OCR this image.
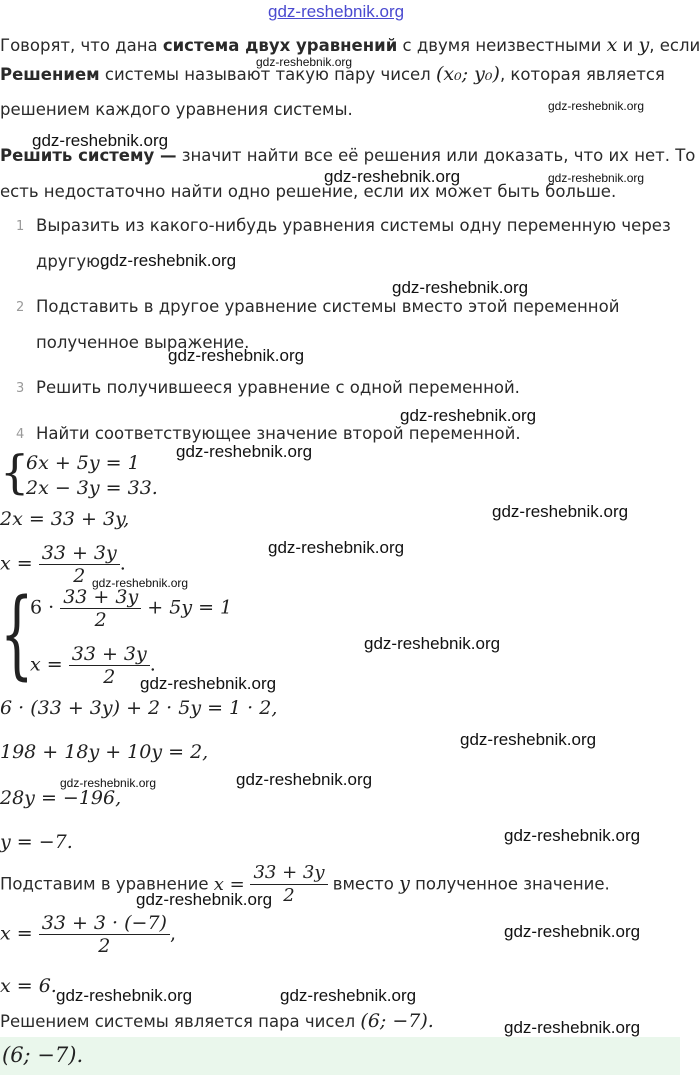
gdz-reshebnik.org
Говорят, что дана система двух уравнений с двумя неизвестными x и y, если
Решением системы называют такую пару чисел (x₀; y₀), которая является
решением каждого уравнения системы.
Решить систему — значит найти все её решения или доказать, что их нет. То
есть недостаточно найти одно решение, если их может быть больше.
1 Выразить из какого-нибудь уравнения системы одну переменную через
другую.
2 Подставить в другое уравнение системы вместо этой переменной
полученное выражение.
3 Решить получившееся уравнение с одной переменной.
4 Найти соответствующее значение второй переменной.
{
6x + 5y = 1
2x − 3y = 33.
2x = 33 + 3y,
$x = \frac{33 + 3y}{2}$ .
{
$6 \cdot \frac{33 + 3y}{2} + 5y = 1$
$x = \frac{33 + 3y}{2}$ .
6 · (33 + 3y) + 2 · 5y = 1 · 2,
198 + 18y + 10y = 2,
28y = −196,
y = −7.
Подставим в уравнение $x = \frac{33 + 3y}{2}$ вместо y полученное значение.
$x = \frac{33 + 3 \cdot (-7)}{2}$ ,
x = 6.
Решением системы является пара чисел (6; −7).
(6; −7).
gdz-reshebnik.org
gdz-reshebnik.org
gdz-reshebnik.org
gdz-reshebnik.org	gdz-reshebnik.org
gdz-reshebnik.org
gdz-reshebnik.org
gdz-reshebnik.org
gdz-reshebnik.org
gdz-reshebnik.org
gdz-reshebnik.org
gdz-reshebnik.org
gdz-reshebnik.org
gdz-reshebnik.org
gdz-reshebnik.org
gdz-reshebnik.org
gdz-reshebnik.org	gdz-reshebnik.org
gdz-reshebnik.org
gdz-reshebnik.org
gdz-reshebnik.org
gdz-reshebnik.org	gdz-reshebnik.org
gdz-reshebnik.org
